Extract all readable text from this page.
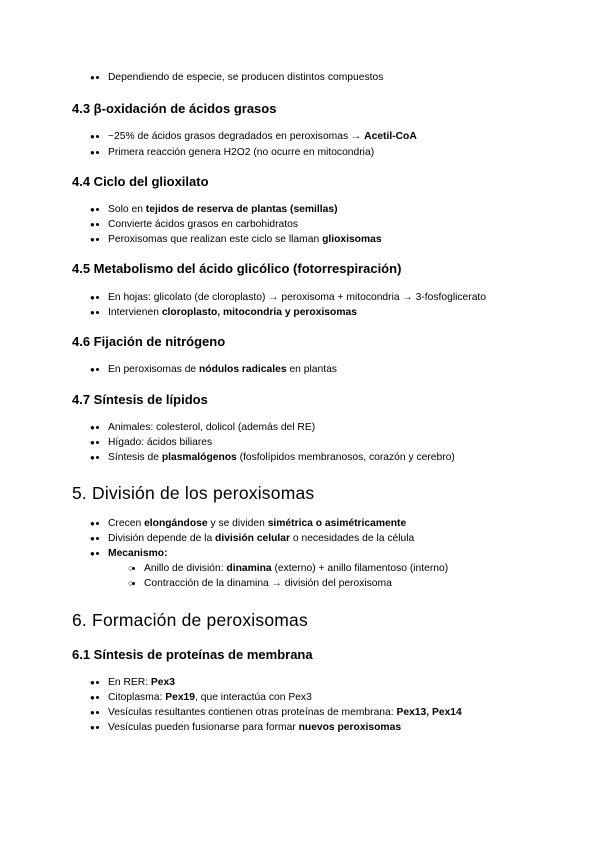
● • Dependiendo de especie, se producen distintos compuestos
4.3 β-oxidación de ácidos grasos
● • ~25% de ácidos grasos degradados en peroxisomas → Acetil-CoA
● • Primera reacción genera H2O2 (no ocurre en mitocondria)
4.4 Ciclo del glioxilato
● • Solo en tejidos de reserva de plantas (semillas)
● • Convierte ácidos grasos en carbohidratos
● • Peroxisomas que realizan este ciclo se llaman glioxisomas
4.5 Metabolismo del ácido glicólico (fotorrespiración)
● • En hojas: glicolato (de cloroplasto) → peroxisoma + mitocondria → 3-fosfoglicerato
● • Intervienen cloroplasto, mitocondria y peroxisomas
4.6 Fijación de nitrógeno
● • En peroxisomas de nódulos radicales en plantas
4.7 Síntesis de lípidos
● • Animales: colesterol, dolicol (además del RE)
● • Hígado: ácidos biliares
● • Síntesis de plasmalógenos (fosfolípidos membranosos, corazón y cerebro)
5. División de los peroxisomas
● • Crecen elongándose y se dividen simétrica o asimétricamente
● • División depende de la división celular o necesidades de la célula
● • Mecanismo:
○ • Anillo de división: dinamina (externo) + anillo filamentoso (interno)
○ • Contracción de la dinamina → división del peroxisoma
6. Formación de peroxisomas
6.1 Síntesis de proteínas de membrana
● • En RER: Pex3
● • Citoplasma: Pex19, que interactúa con Pex3
● • Vesículas resultantes contienen otras proteínas de membrana: Pex13, Pex14
● • Vesículas pueden fusionarse para formar nuevos peroxisomas
